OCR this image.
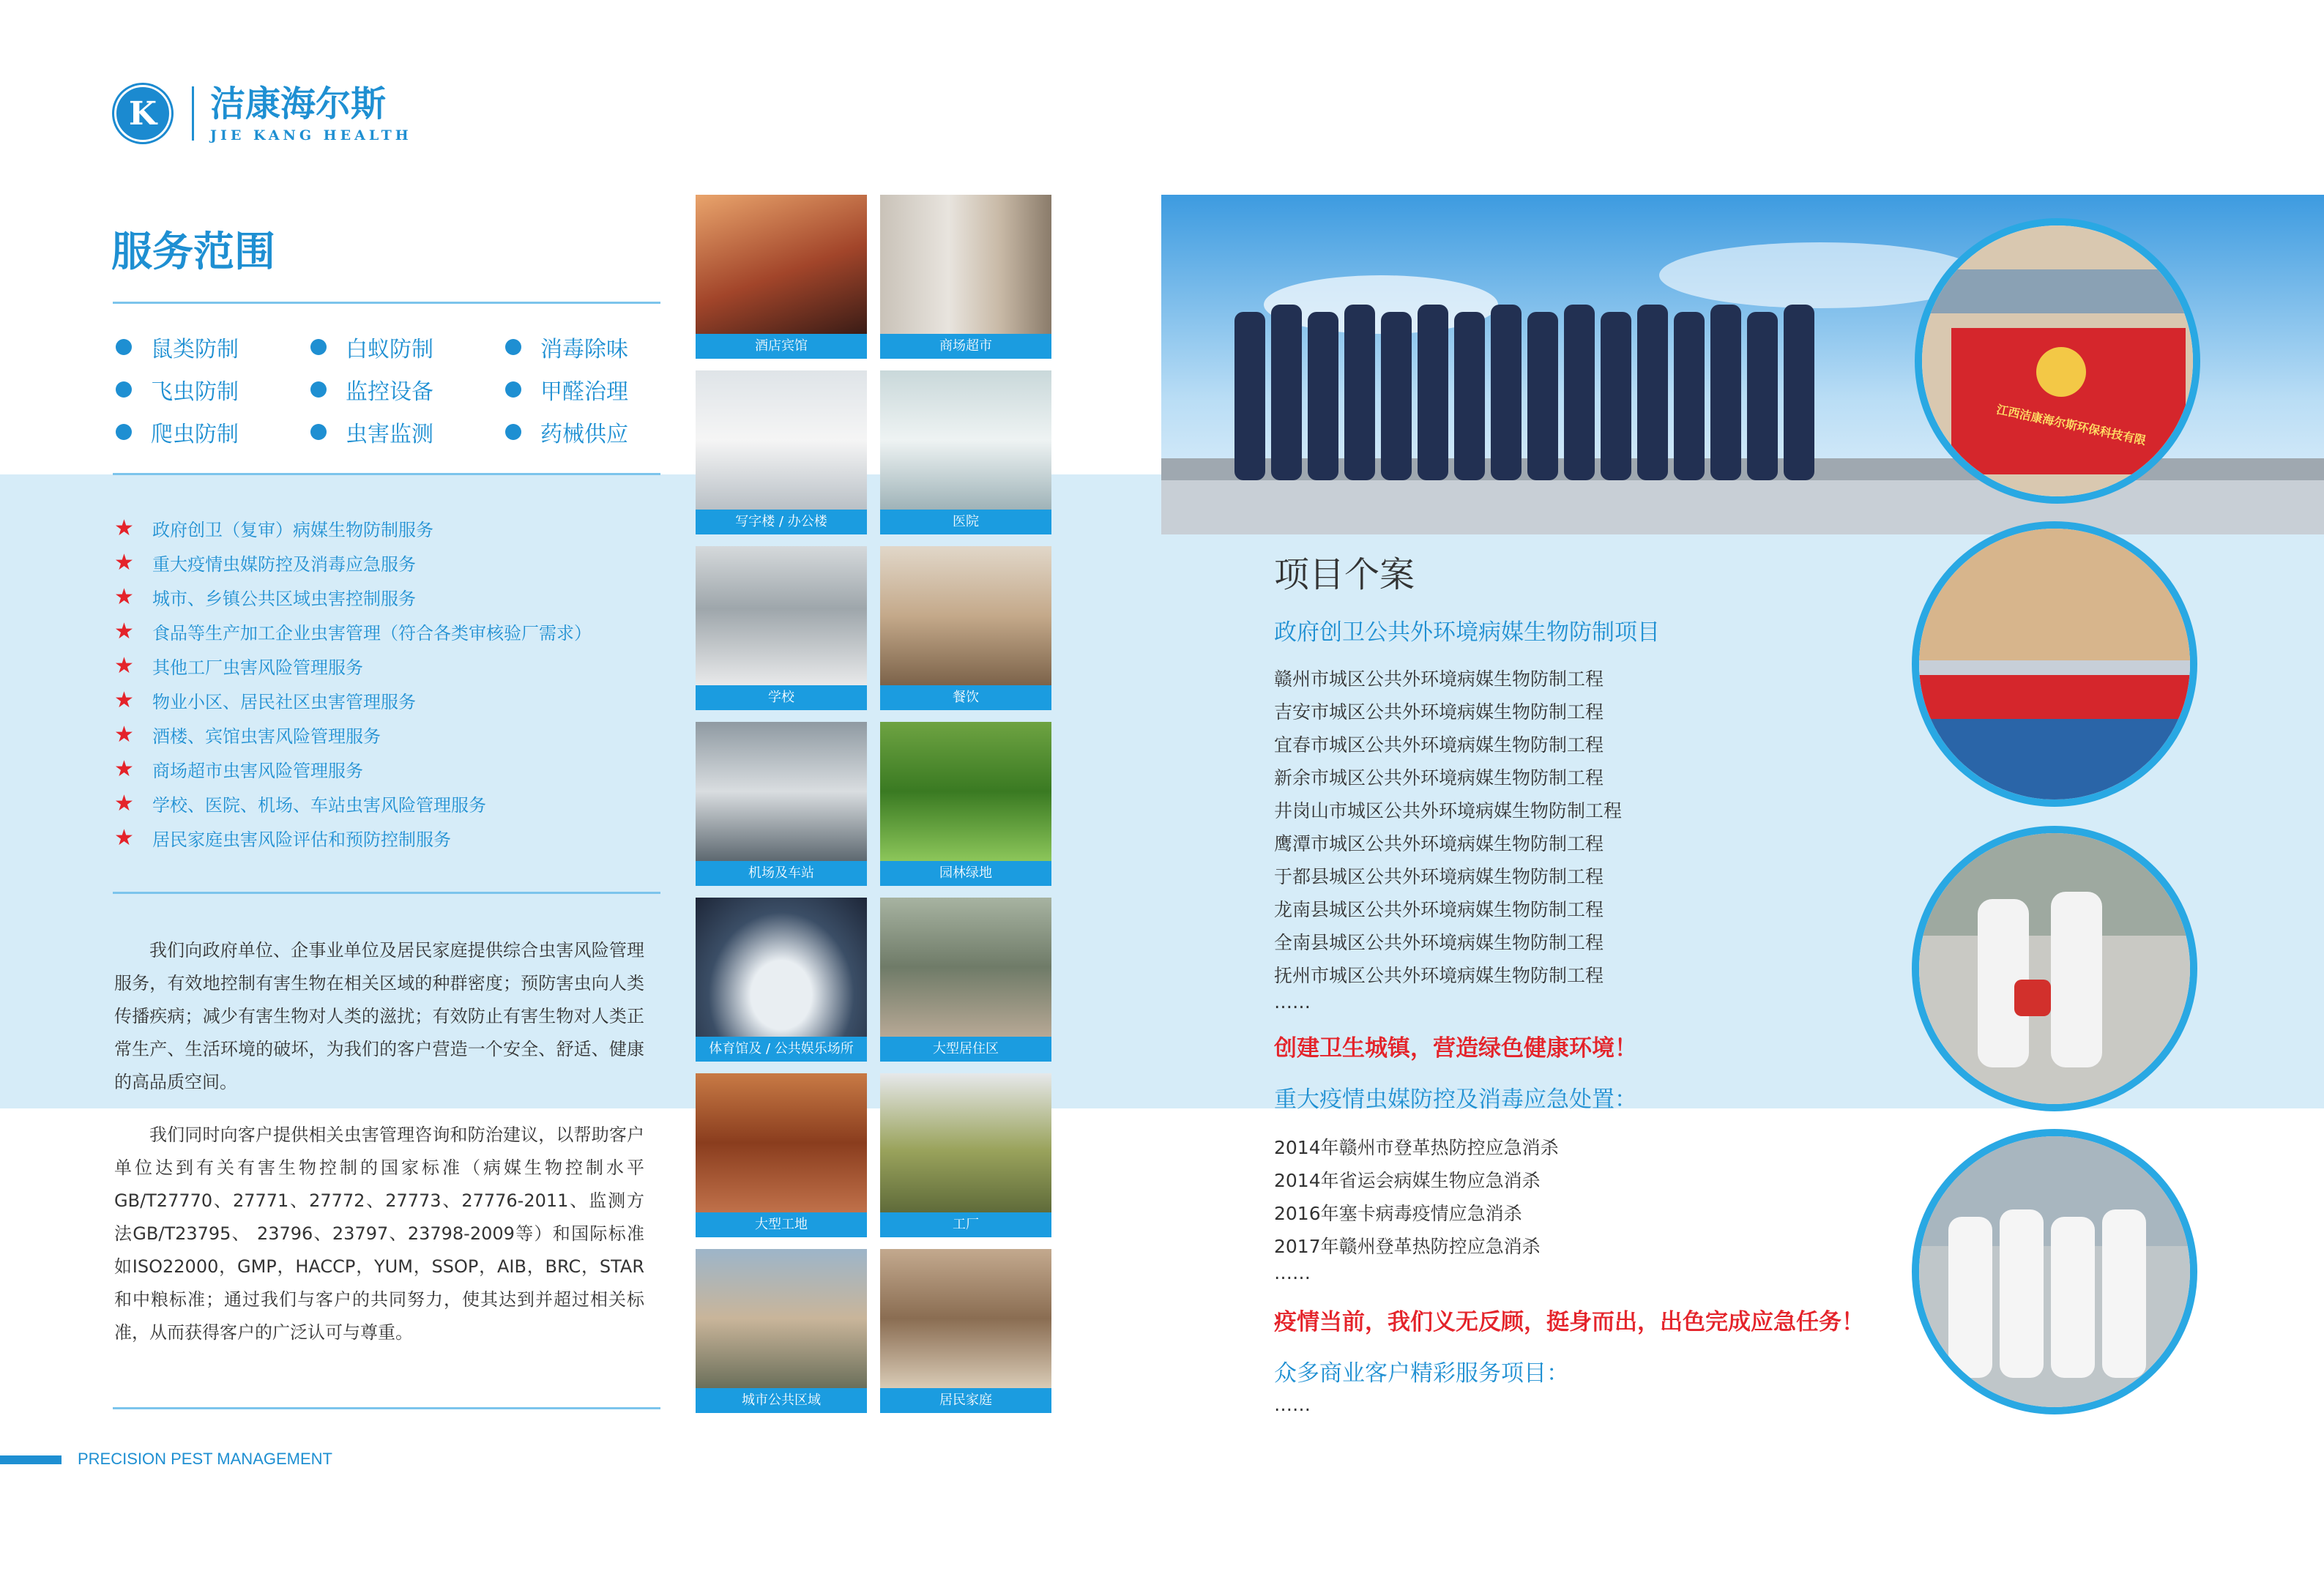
K 洁康海尔斯
JIE KANG HEALTH
服务范围
鼠类防制	白蚁防制	消毒除味
飞虫防制	监控设备	甲醛治理
爬虫防制	虫害监测	药械供应
★	政府创卫（复审）病媒生物防制服务
★	重大疫情虫媒防控及消毒应急服务
★	城市、乡镇公共区域虫害控制服务
★	食品等生产加工企业虫害管理（符合各类审核验厂需求）
★	其他工厂虫害风险管理服务
★	物业小区、居民社区虫害管理服务
★	酒楼、宾馆虫害风险管理服务
★	商场超市虫害风险管理服务
★	学校、医院、机场、车站虫害风险管理服务
★	居民家庭虫害风险评估和预防控制服务
我们向政府单位、企事业单位及居民家庭提供综合虫害风险管理服务，有效地控制有害生物在相关区域的种群密度；预防害虫向人类传播疾病；减少有害生物对人类的滋扰；有效防止有害生物对人类正常生产、生活环境的破坏，为我们的客户营造一个安全、舒适、健康的高品质空间。
我们同时向客户提供相关虫害管理咨询和防治建议，以帮助客户单位达到有关有害生物控制的国家标准（病媒生物控制水平GB/T27770、27771、27772、27773、27776-2011、监测方法GB/T23795、 23796、23797、23798-2009等）和国际标准如ISO22000，GMP，HACCP，YUM，SSOP，AIB，BRC，STAR和中粮标准；通过我们与客户的共同努力，使其达到并超过相关标准，从而获得客户的广泛认可与尊重。
酒店宾馆	商场超市
写字楼 / 办公楼	医院
学校	餐饮
机场及车站	园林绿地
体育馆及 / 公共娱乐场所	大型居住区
大型工地	工厂
城市公共区域	居民家庭
江西洁康海尔斯环保科技有限
项目个案
政府创卫公共外环境病媒生物防制项目
赣州市城区公共外环境病媒生物防制工程
吉安市城区公共外环境病媒生物防制工程
宜春市城区公共外环境病媒生物防制工程
新余市城区公共外环境病媒生物防制工程
井岗山市城区公共外环境病媒生物防制工程
鹰潭市城区公共外环境病媒生物防制工程
于都县城区公共外环境病媒生物防制工程
龙南县城区公共外环境病媒生物防制工程
全南县城区公共外环境病媒生物防制工程
抚州市城区公共外环境病媒生物防制工程
……
创建卫生城镇，营造绿色健康环境！
重大疫情虫媒防控及消毒应急处置：
2014年赣州市登革热防控应急消杀
2014年省运会病媒生物应急消杀
2016年塞卡病毒疫情应急消杀
2017年赣州登革热防控应急消杀
……
疫情当前，我们义无反顾，挺身而出，出色完成应急任务！
众多商业客户精彩服务项目：
……
PRECISION PEST MANAGEMENT
